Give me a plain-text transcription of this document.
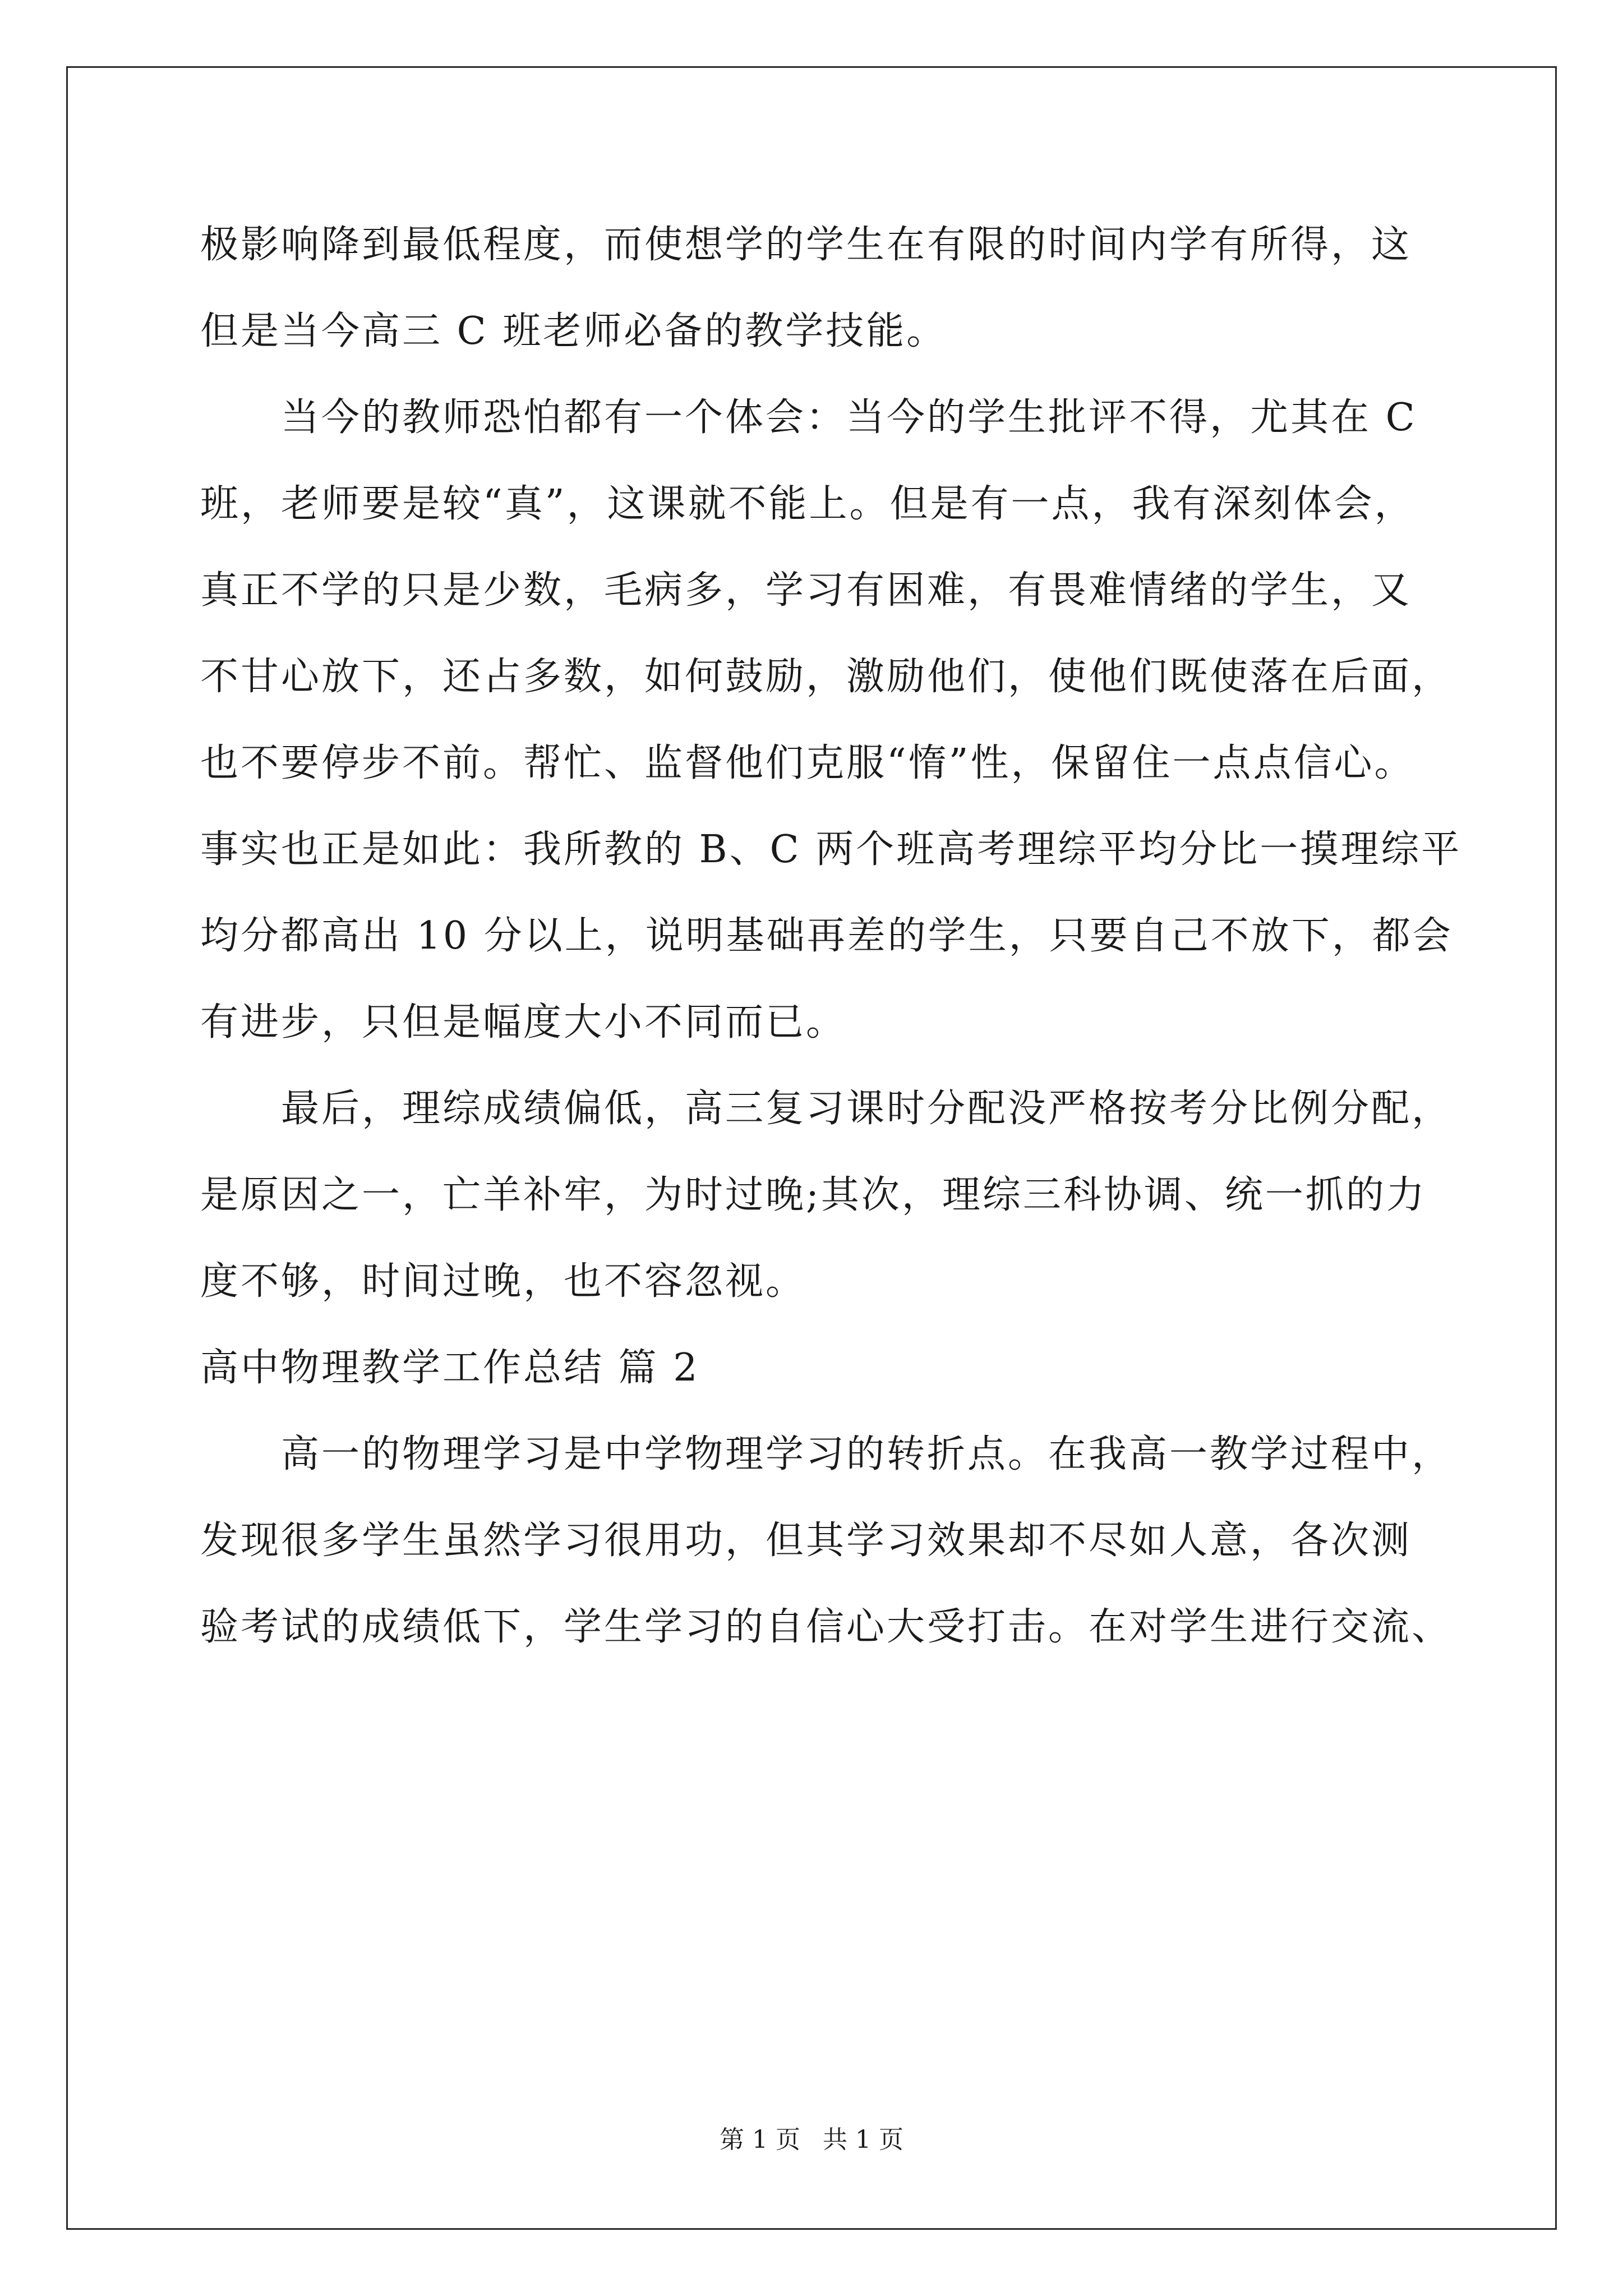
极影响降到最低程度，而使想学的学生在有限的时间内学有所得，这
但是当今高三 C 班老师必备的教学技能。
当今的教师恐怕都有一个体会：当今的学生批评不得，尤其在 C
班，老师要是较“真”，这课就不能上。但是有一点，我有深刻体会，
真正不学的只是少数，毛病多，学习有困难，有畏难情绪的学生，又
不甘心放下，还占多数，如何鼓励，激励他们，使他们既使落在后面，
也不要停步不前。帮忙、监督他们克服“惰”性，保留住一点点信心。
事实也正是如此：我所教的 B、C 两个班高考理综平均分比一摸理综平
均分都高出 10 分以上，说明基础再差的学生，只要自己不放下，都会
有进步，只但是幅度大小不同而已。
最后，理综成绩偏低，高三复习课时分配没严格按考分比例分配，
是原因之一，亡羊补牢，为时过晚;其次，理综三科协调、统一抓的力
度不够，时间过晚，也不容忽视。
高中物理教学工作总结 篇 2
高一的物理学习是中学物理学习的转折点。在我高一教学过程中，
发现很多学生虽然学习很用功，但其学习效果却不尽如人意，各次测
验考试的成绩低下，学生学习的自信心大受打击。在对学生进行交流、
第 1 页 共 1 页
